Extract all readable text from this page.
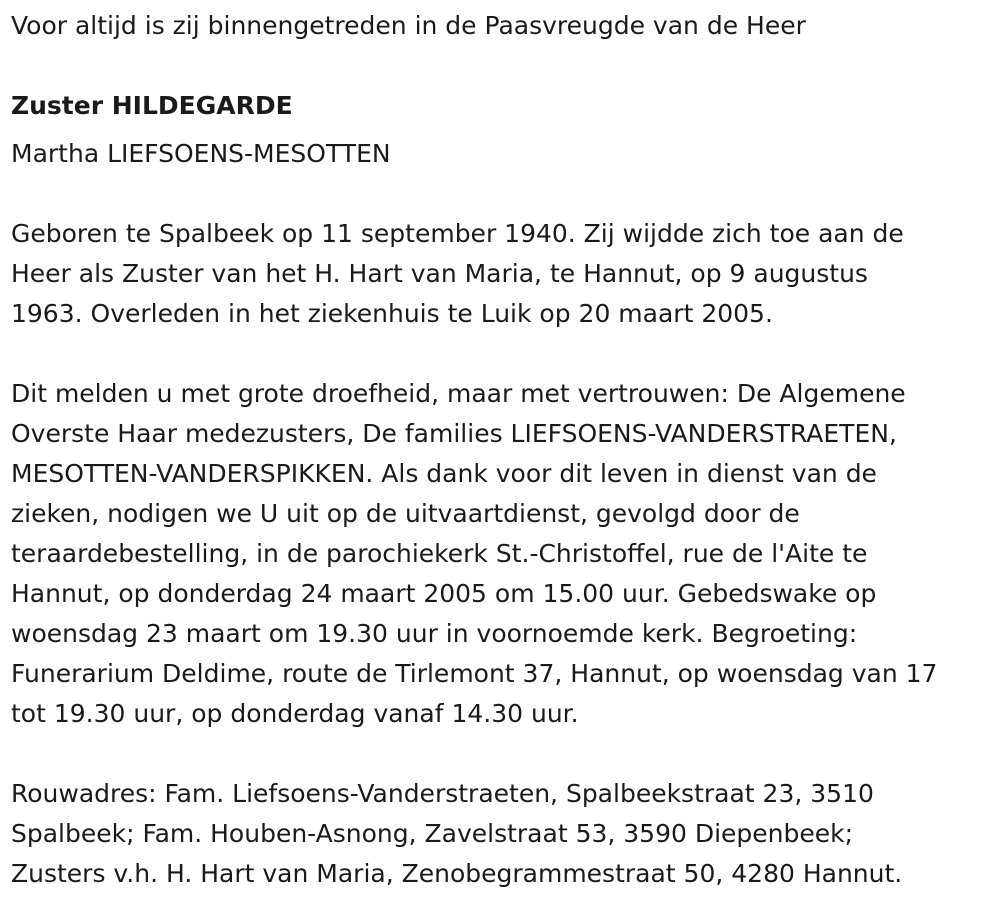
Voor altijd is zij binnengetreden in de Paasvreugde van de Heer
Zuster HILDEGARDE
Martha LIEFSOENS-MESOTTEN
Geboren te Spalbeek op 11 september 1940. Zij wijdde zich toe aan de
Heer als Zuster van het H. Hart van Maria, te Hannut, op 9 augustus
1963. Overleden in het ziekenhuis te Luik op 20 maart 2005.
Dit melden u met grote droefheid, maar met vertrouwen: De Algemene
Overste Haar medezusters, De families LIEFSOENS-VANDERSTRAETEN,
MESOTTEN-VANDERSPIKKEN. Als dank voor dit leven in dienst van de
zieken, nodigen we U uit op de uitvaartdienst, gevolgd door de
teraardebestelling, in de parochiekerk St.-Christoffel, rue de l'Aite te
Hannut, op donderdag 24 maart 2005 om 15.00 uur. Gebedswake op
woensdag 23 maart om 19.30 uur in voornoemde kerk. Begroeting:
Funerarium Deldime, route de Tirlemont 37, Hannut, op woensdag van 17
tot 19.30 uur, op donderdag vanaf 14.30 uur.
Rouwadres: Fam. Liefsoens-Vanderstraeten, Spalbeekstraat 23, 3510
Spalbeek; Fam. Houben-Asnong, Zavelstraat 53, 3590 Diepenbeek;
Zusters v.h. H. Hart van Maria, Zenobegrammestraat 50, 4280 Hannut.
